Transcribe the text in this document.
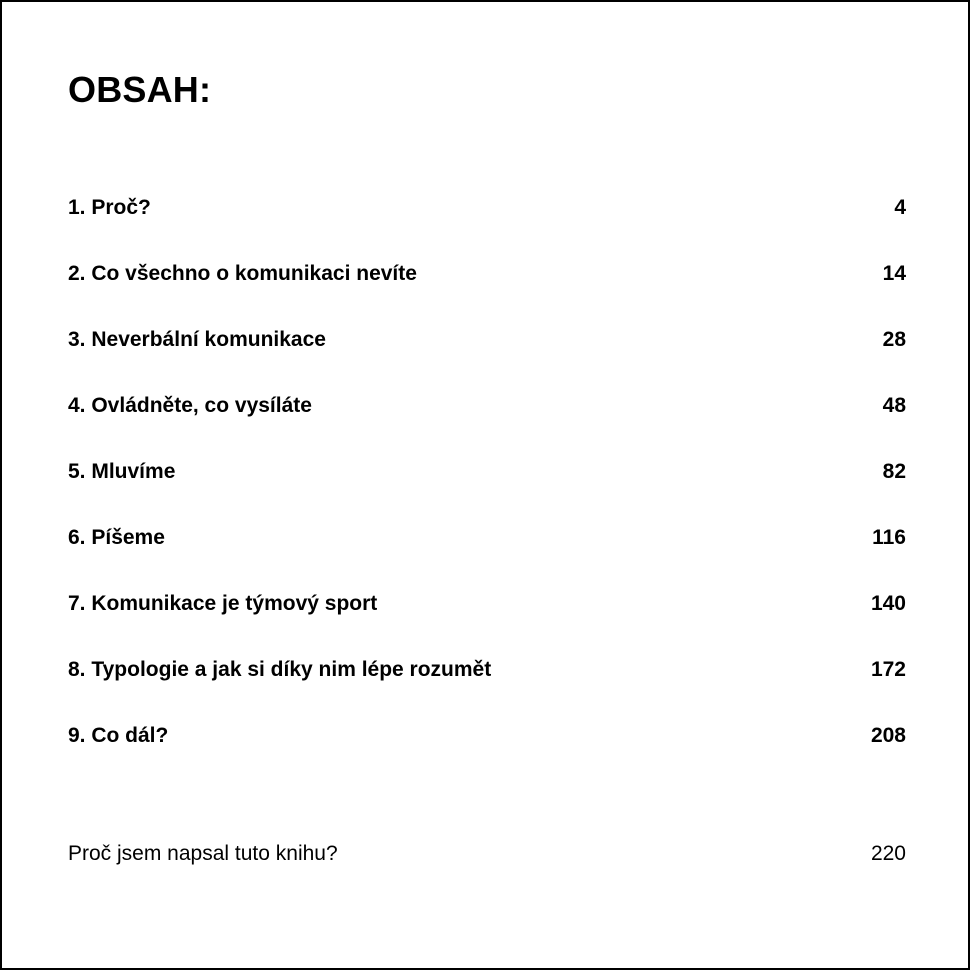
OBSAH:
1. Proč?	4
2. Co všechno o komunikaci nevíte	14
3. Neverbální komunikace	28
4. Ovládněte, co vysíláte	48
5. Mluvíme	82
6. Píšeme	116
7. Komunikace je týmový sport	140
8. Typologie a jak si díky nim lépe rozumět	172
9. Co dál?	208
Proč jsem napsal tuto knihu?	220
